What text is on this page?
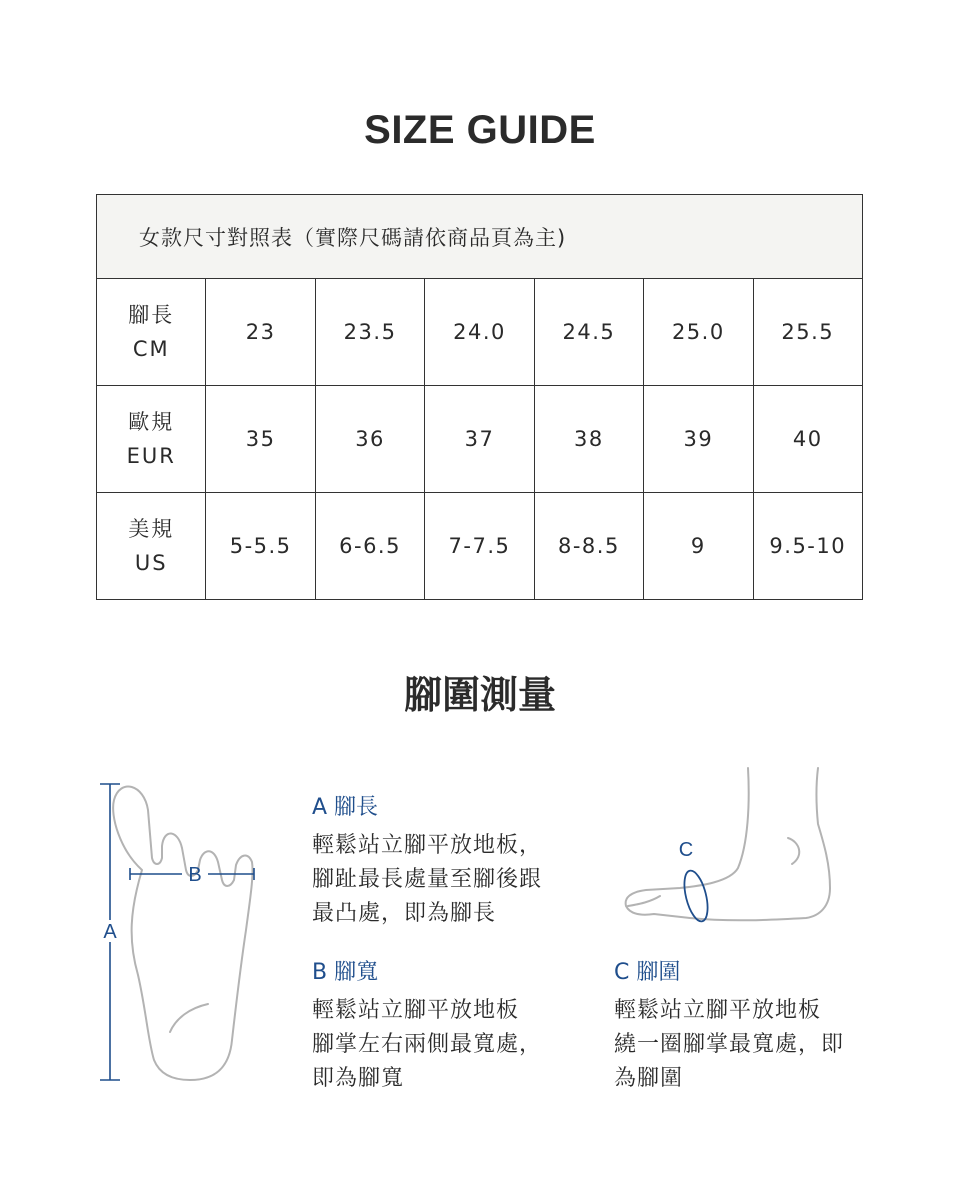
SIZE GUIDE
女款尺寸對照表（實際尺碼請依商品頁為主)						

腳長
CM	23	23.5	24.0	24.5	25.0	25.5

歐規
EUR	35	36	37	38	39	40

美規
US	5-5.5	6-6.5	7-7.5	8-8.5	9	9.5-10
腳圍測量
A
B
C
A 腳長
輕鬆站立腳平放地板，
腳趾最長處量至腳後跟
最凸處，即為腳長
B 腳寬
輕鬆站立腳平放地板
腳掌左右兩側最寬處，
即為腳寬
C 腳圍
輕鬆站立腳平放地板
繞一圈腳掌最寬處，即
為腳圍
